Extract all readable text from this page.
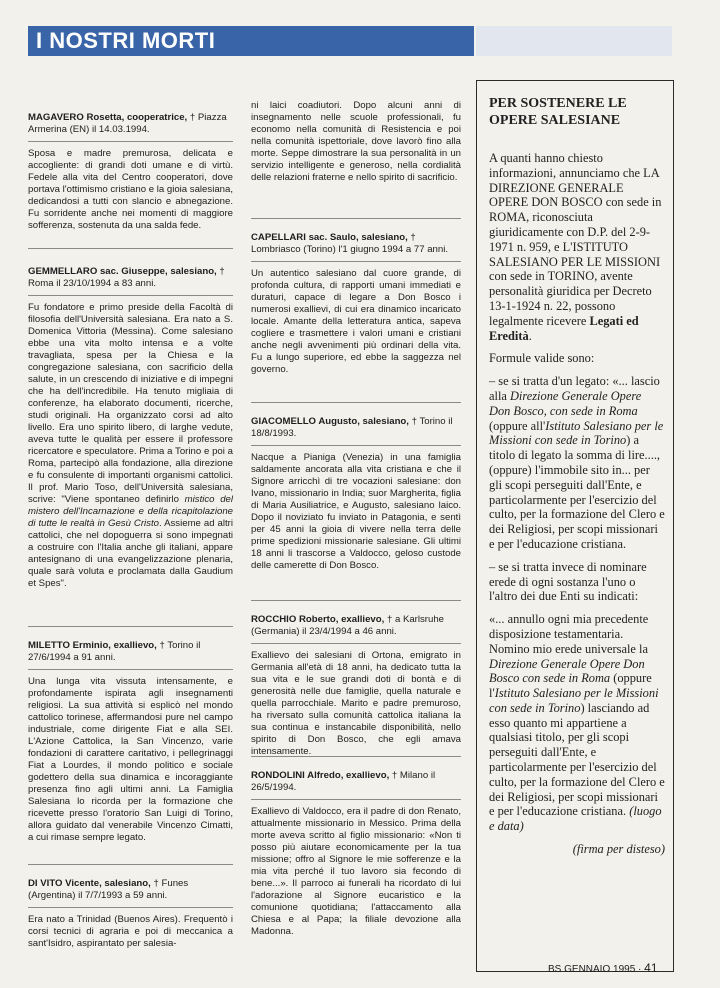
I NOSTRI MORTI

MAGAVERO Rosetta, cooperatrice, † Piazza Armerina (EN) il 14.03.1994.

Sposa e madre premurosa, delicata e accogliente: di grandi doti umane e di virtù. Fedele alla vita del Centro cooperatori, dove portava l'ottimismo cristiano e la gioia salesiana, dedicandosi a tutti con slancio e abnegazione. Fu sorridente anche nei momenti di maggiore sofferenza, sostenuta da una salda fede.

GEMMELLARO sac. Giuseppe, salesiano, † Roma il 23/10/1994 a 83 anni.

Fu fondatore e primo preside della Facoltà di filosofia dell'Università salesiana. Era nato a S. Domenica Vittoria (Messina). Come salesiano ebbe una vita molto intensa e a volte travagliata, spesa per la Chiesa e la congregazione salesiana, con sacrificio della salute, in un crescendo di iniziative e di impegni che ha dell'incredibile. Ha tenuto migliaia di conferenze, ha elaborato documenti, ricerche, studi originali. Ha organizzato corsi ad alto livello. Era uno spirito libero, di larghe vedute, aveva tutte le qualità per essere il professore ricercatore e speculatore. Prima a Torino e poi a Roma, partecipò alla fondazione, alla direzione e fu consulente di importanti organismi cattolici. Il prof. Mario Toso, dell'Università salesiana, scrive: "Viene spontaneo definirlo mistico del mistero dell'Incarnazione e della ricapitolazione di tutte le realtà in Gesù Cristo. Assieme ad altri cattolici, che nel dopoguerra si sono impegnati a costruire con l'Italia anche gli italiani, appare antesignano di una evangelizzazione plenaria, quale sarà voluta e proclamata dalla Gaudium et Spes".

MILETTO Erminio, exallievo, † Torino il 27/6/1994 a 91 anni.

Una lunga vita vissuta intensamente, e profondamente ispirata agli insegnamenti religiosi. La sua attività si esplicò nel mondo cattolico torinese, affermandosi pure nel campo industriale, come dirigente Fiat e alla SEI. L'Azione Cattolica, la San Vincenzo, varie fondazioni di carattere caritativo, i pellegrinaggi Fiat a Lourdes, il mondo politico e sociale godettero della sua dinamica e incoraggiante presenza fino agli ultimi anni. La Famiglia Salesiana lo ricorda per la formazione che ricevette presso l'oratorio San Luigi di Torino, allora guidato dal venerabile Vincenzo Cimatti, a cui rimase sempre legato.

DI VITO Vicente, salesiano, † Funes (Argentina) il 7/7/1993 a 59 anni.

Era nato a Trinidad (Buenos Aires). Frequentò i corsi tecnici di agraria e poi di meccanica a sant'Isidro, aspirantato per salesia-

ni laici coadiutori. Dopo alcuni anni di insegnamento nelle scuole professionali, fu economo nella comunità di Resistencia e poi nella comunità ispettoriale, dove lavorò fino alla morte. Seppe dimostrare la sua personalità in un servizio intelligente e generoso, nella cordialità delle relazioni fraterne e nello spirito di sacrificio.

CAPELLARI sac. Saulo, salesiano, † Lombriasco (Torino) l'1 giugno 1994 a 77 anni.

Un autentico salesiano dal cuore grande, di profonda cultura, di rapporti umani immediati e duraturi, capace di legare a Don Bosco i numerosi exallievi, di cui era dinamico incaricato locale. Amante della letteratura antica, sapeva cogliere e trasmettere i valori umani e cristiani anche negli avvenimenti più ordinari della vita. Fu a lungo superiore, ed ebbe la saggezza nel governo.

GIACOMELLO Augusto, salesiano, † Torino il 18/8/1993.

Nacque a Pianiga (Venezia) in una famiglia saldamente ancorata alla vita cristiana e che il Signore arricchì di tre vocazioni salesiane: don Ivano, missionario in India; suor Margherita, figlia di Maria Ausiliatrice, e Augusto, salesiano laico. Dopo il noviziato fu inviato in Patagonia, e sentì per 45 anni la gioia di vivere nella terra delle prime spedizioni missionarie salesiane. Gli ultimi 18 anni li trascorse a Valdocco, geloso custode delle camerette di Don Bosco.

ROCCHIO Roberto, exallievo, † a Karlsruhe (Germania) il 23/4/1994 a 46 anni.

Exallievo dei salesiani di Ortona, emigrato in Germania all'età di 18 anni, ha dedicato tutta la sua vita e le sue grandi doti di bontà e di generosità nelle due famiglie, quella naturale e quella parrocchiale. Marito e padre premuroso, ha riversato sulla comunità cattolica italiana la sua continua e instancabile disponibilità, nello spirito di Don Bosco, che egli amava intensamente.

RONDOLINI Alfredo, exallievo, † Milano il 26/5/1994.

Exallievo di Valdocco, era il padre di don Renato, attualmente missionario in Messico. Prima della morte aveva scritto al figlio missionario: «Non ti posso più aiutare economicamente per la tua missione; offro al Signore le mie sofferenze e la mia vita perché il tuo lavoro sia fecondo di bene...». Il parroco ai funerali ha ricordato di lui l'adorazione al Signore eucaristico e la comunione quotidiana; l'attaccamento alla Chiesa e al Papa; la filiale devozione alla Madonna.

PER SOSTENERE LE OPERE SALESIANE

A quanti hanno chiesto informazioni, annunciamo che LA DIREZIONE GENERALE OPERE DON BOSCO con sede in ROMA, riconosciuta giuridicamente con D.P. del 2-9-1971 n. 959, e L'ISTITUTO SALESIANO PER LE MISSIONI con sede in TORINO, avente personalità giuridica per Decreto 13-1-1924 n. 22, possono legalmente ricevere Legati ed Eredità.

Formule valide sono:

– se si tratta d'un legato: «... lascio alla Direzione Generale Opere Don Bosco, con sede in Roma (oppure all'Istituto Salesiano per le Missioni con sede in Torino) a titolo di legato la somma di lire...., (oppure) l'immobile sito in... per gli scopi perseguiti dall'Ente, e particolarmente per l'esercizio del culto, per la formazione del Clero e dei Religiosi, per scopi missionari e per l'educazione cristiana.

– se si tratta invece di nominare erede di ogni sostanza l'uno o l'altro dei due Enti su indicati:

«... annullo ogni mia precedente disposizione testamentaria. Nomino mio erede universale la Direzione Generale Opere Don Bosco con sede in Roma (oppure l'Istituto Salesiano per le Missioni con sede in Torino) lasciando ad esso quanto mi appartiene a qualsiasi titolo, per gli scopi perseguiti dall'Ente, e particolarmente per l'esercizio del culto, per la formazione del Clero e dei Religiosi, per scopi missionari e per l'educazione cristiana. (luogo e data)

(firma per disteso)

BS GENNAIO 1995 · 41
